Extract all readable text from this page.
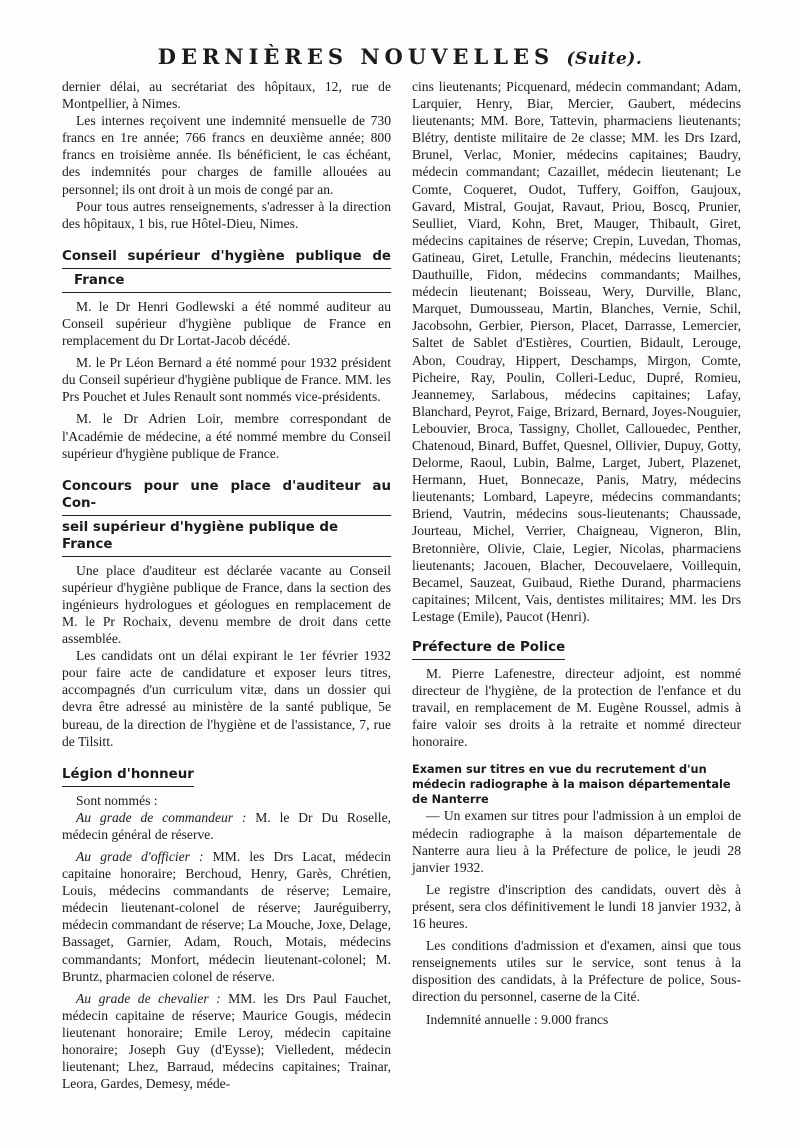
DERNIÈRES NOUVELLES (Suite).

dernier délai, au secrétariat des hôpitaux, 12, rue de Montpellier, à Nimes.

Les internes reçoivent une indemnité mensuelle de 730 francs en 1re année; 766 francs en deuxième année; 800 francs en troisième année. Ils bénéficient, le cas échéant, des indemnités pour charges de famille allouées au personnel; ils ont droit à un mois de congé par an.

Pour tous autres renseignements, s'adresser à la direction des hôpitaux, 1 bis, rue Hôtel-Dieu, Nimes.

Conseil supérieur d'hygiène publique de
France

M. le Dr Henri Godlewski a été nommé auditeur au Conseil supérieur d'hygiène publique de France en remplacement du Dr Lortat-Jacob décédé.

M. le Pr Léon Bernard a été nommé pour 1932 président du Conseil supérieur d'hygiène publique de France. MM. les Prs Pouchet et Jules Renault sont nommés vice-présidents.

M. le Dr Adrien Loir, membre correspondant de l'Académie de médecine, a été nommé membre du Conseil supérieur d'hygiène publique de France.

Concours pour une place d'auditeur au Con-
seil supérieur d'hygiène publique de France

Une place d'auditeur est déclarée vacante au Conseil supérieur d'hygiène publique de France, dans la section des ingénieurs hydrologues et géologues en remplacement de M. le Pr Rochaix, devenu membre de droit dans cette assemblée.

Les candidats ont un délai expirant le 1er février 1932 pour faire acte de candidature et exposer leurs titres, accompagnés d'un curriculum vitæ, dans un dossier qui devra être adressé au ministère de la santé publique, 5e bureau, de la direction de l'hygiène et de l'assistance, 7, rue de Tilsitt.

Légion d'honneur

Sont nommés :

Au grade de commandeur : M. le Dr Du Roselle, médecin général de réserve.

Au grade d'officier : MM. les Drs Lacat, médecin capitaine honoraire; Berchoud, Henry, Garès, Chrétien, Louis, médecins commandants de réserve; Lemaire, médecin lieutenant-colonel de réserve; Jauréguiberry, médecin commandant de réserve; La Mouche, Joxe, Delage, Bassaget, Garnier, Adam, Rouch, Motais, médecins commandants; Monfort, médecin lieutenant-colonel; M. Bruntz, pharmacien colonel de réserve.

Au grade de chevalier : MM. les Drs Paul Fauchet, médecin capitaine de réserve; Maurice Gougis, médecin lieutenant honoraire; Emile Leroy, médecin capitaine honoraire; Joseph Guy (d'Eysse); Vielledent, médecin lieutenant; Lhez, Barraud, médecins capitaines; Trainar, Leora, Gardes, Demesy, méde-

cins lieutenants; Picquenard, médecin commandant; Adam, Larquier, Henry, Biar, Mercier, Gaubert, médecins lieutenants; MM. Bore, Tattevin, pharmaciens lieutenants; Blétry, dentiste militaire de 2e classe; MM. les Drs Izard, Brunel, Verlac, Monier, médecins capitaines; Baudry, médecin commandant; Cazaillet, médecin lieutenant; Le Comte, Coqueret, Oudot, Tuffery, Goiffon, Gaujoux, Gavard, Mistral, Goujat, Ravaut, Priou, Bosсq, Prunier, Seulliet, Viard, Kohn, Bret, Mauger, Thibault, Giret, médecins capitaines de réserve; Crepin, Luvedan, Thomas, Gatineau, Giret, Letulle, Franchin, médecins lieutenants; Dauthuille, Fidon, médecins commandants; Mailhes, médecin lieutenant; Boisseau, Wery, Durville, Blanc, Marquet, Dumousseau, Martin, Blanches, Vernie, Schil, Jacobsohn, Gerbier, Pierson, Placet, Darrasse, Lemercier, Saltet de Sablet d'Estières, Courtien, Bidault, Lerouge, Abon, Coudray, Hippert, Deschamps, Mirgon, Comte, Picheire, Ray, Poulin, Colleri-Leduc, Dupré, Romieu, Jeannemey, Sarlabous, médecins capitaines; Lafay, Blanchard, Peyrot, Faige, Brizard, Bernard, Joyes-Nouguier, Lebouvier, Broca, Tassigny, Chollet, Callouedec, Penther, Chatenoud, Binard, Buffet, Quesnel, Ollivier, Dupuy, Gotty, Delorme, Raoul, Lubin, Balme, Larget, Jubert, Plazenet, Hermann, Huet, Bonnecaze, Panis, Matry, médecins lieutenants; Lombard, Lapeyre, médecins commandants; Briend, Vautrin, médecins sous-lieutenants; Chaussade, Jourteau, Michel, Verrier, Chaigneau, Vigneron, Blin, Bretonnière, Olivie, Claie, Legier, Nicolas, pharmaciens lieutenants; Jacouen, Blacher, Decouvelaere, Voillequin, Becamel, Sauzeat, Guibaud, Riethe Durand, pharmaciens capitaines; Milcent, Vais, dentistes militaires; MM. les Drs Lestage (Emile), Paucot (Henri).

Préfecture de Police

M. Pierre Lafenestre, directeur adjoint, est nommé directeur de l'hygiène, de la protection de l'enfance et du travail, en remplacement de M. Eugène Roussel, admis à faire valoir ses droits à la retraite et nommé directeur honoraire.

Examen sur titres en vue du recrutement d'un médecin radiographe à la maison départementale de Nanterre

— Un examen sur titres pour l'admission à un emploi de médecin radiographe à la maison départementale de Nanterre aura lieu à la Préfecture de police, le jeudi 28 janvier 1932.

Le registre d'inscription des candidats, ouvert dès à présent, sera clos définitivement le lundi 18 janvier 1932, à 16 heures.

Les conditions d'admission et d'examen, ainsi que tous renseignements utiles sur le service, sont tenus à la disposition des candidats, à la Préfecture de police, Sous-direction du personnel, caserne de la Cité.

Indemnité annuelle : 9.000 francs
